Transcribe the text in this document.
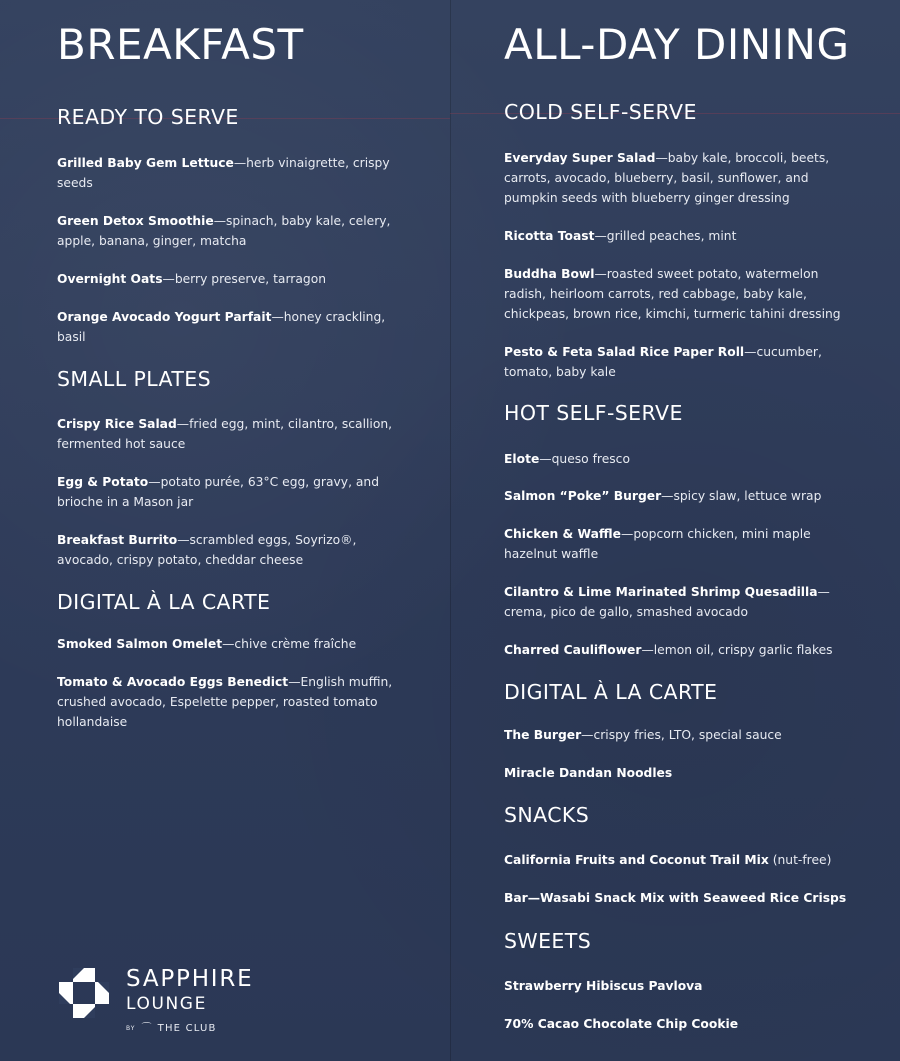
BREAKFAST
READY TO SERVE

Grilled Baby Gem Lettuce—herb vinaigrette, crispy seeds

Green Detox Smoothie—spinach, baby kale, celery, apple, banana, ginger, matcha

Overnight Oats—berry preserve, tarragon

Orange Avocado Yogurt Parfait—honey crackling, basil

SMALL PLATES

Crispy Rice Salad—fried egg, mint, cilantro, scallion, fermented hot sauce

Egg & Potato—potato purée, 63°C egg, gravy, and brioche in a Mason jar

Breakfast Burrito—scrambled eggs, Soyrizo®, avocado, crispy potato, cheddar cheese

DIGITAL À LA CARTE

Smoked Salmon Omelet—chive crème fraîche

Tomato & Avocado Eggs Benedict—English muffin, crushed avocado, Espelette pepper, roasted tomato hollandaise

ALL-DAY DINING
COLD SELF-SERVE

Everyday Super Salad—baby kale, broccoli, beets, carrots, avocado, blueberry, basil, sunflower, and pumpkin seeds with blueberry ginger dressing

Ricotta Toast—grilled peaches, mint

Buddha Bowl—roasted sweet potato, watermelon radish, heirloom carrots, red cabbage, baby kale, chickpeas, brown rice, kimchi, turmeric tahini dressing

Pesto & Feta Salad Rice Paper Roll—cucumber, tomato, baby kale

HOT SELF-SERVE

Elote—queso fresco

Salmon “Poke” Burger—spicy slaw, lettuce wrap

Chicken & Waffle—popcorn chicken, mini maple hazelnut waffle

Cilantro & Lime Marinated Shrimp Quesadilla—crema, pico de gallo, smashed avocado

Charred Cauliflower—lemon oil, crispy garlic flakes

DIGITAL À LA CARTE

The Burger—crispy fries, LTO, special sauce

Miracle Dandan Noodles

SNACKS

California Fruits and Coconut Trail Mix (nut-free)

Bar—Wasabi Snack Mix with Seaweed Rice Crisps

SWEETS

Strawberry Hibiscus Pavlova

70% Cacao Chocolate Chip Cookie

SAPPHIRE
LOUNGE
BY ⌒ THE CLUB
